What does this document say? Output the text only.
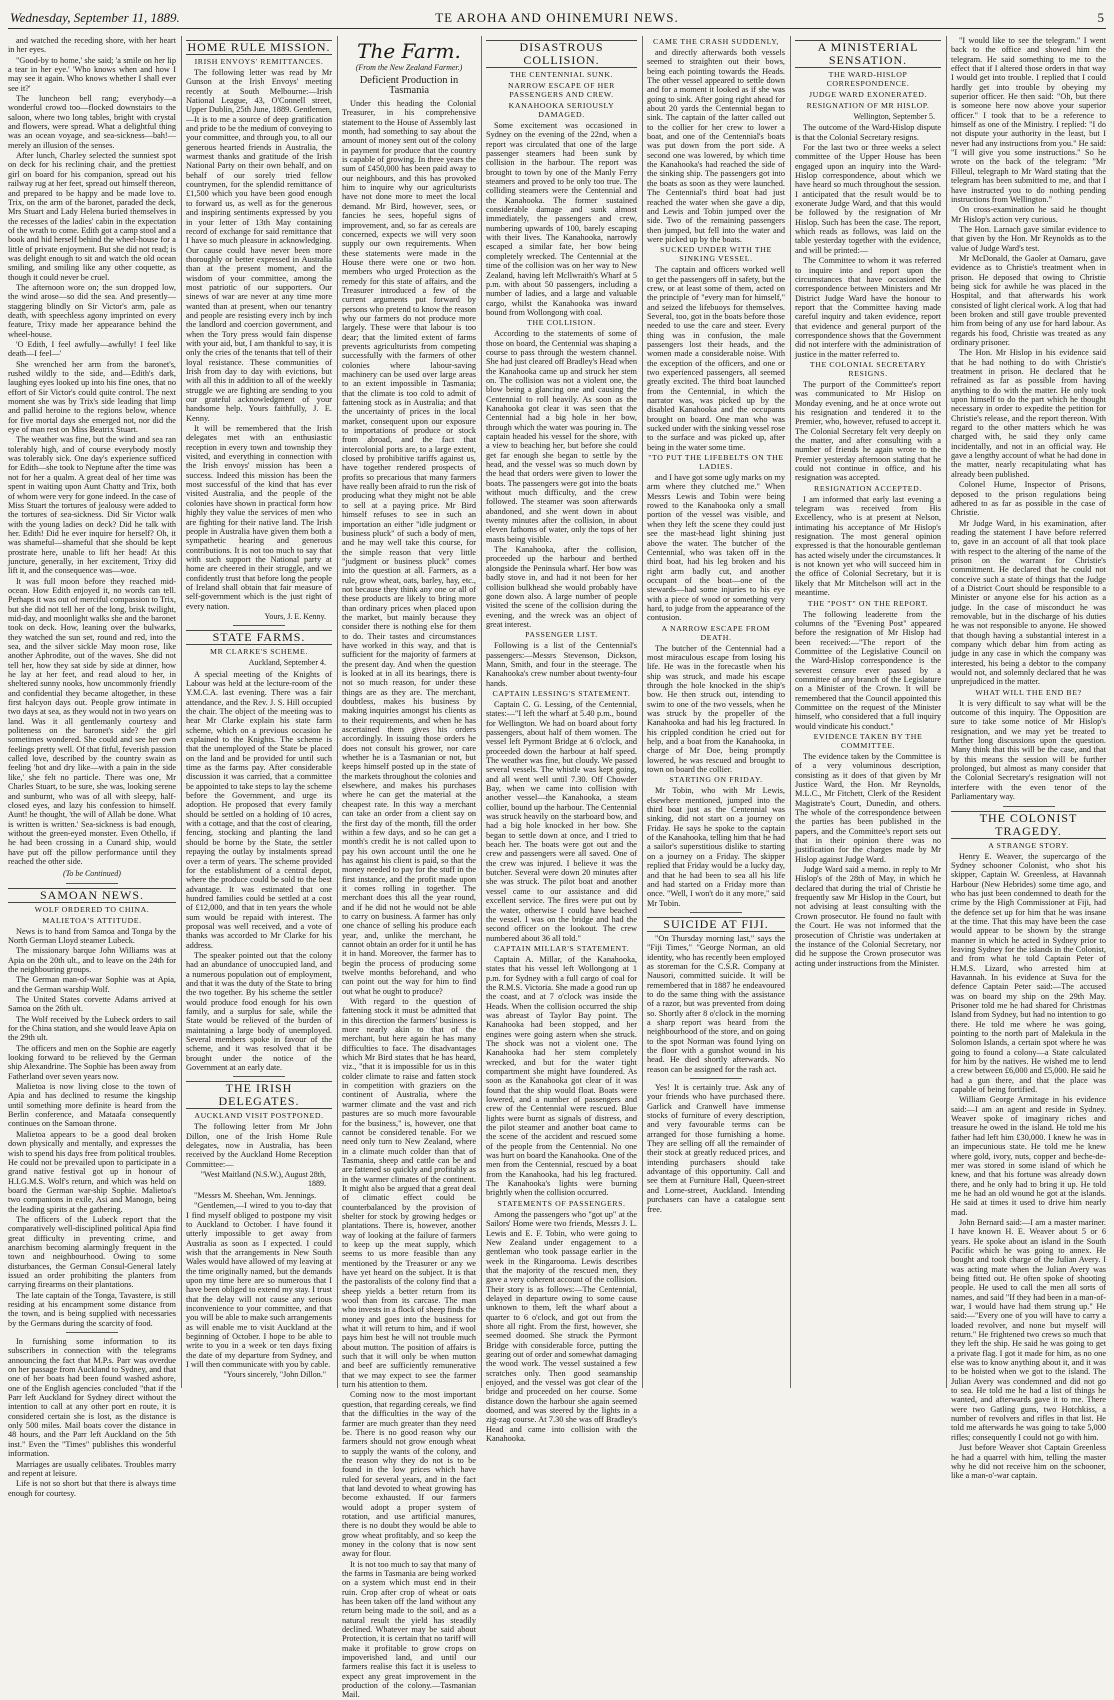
Wednesday, September 11, 1889.	TE AROHA AND OHINEMURI NEWS.	5

and watched the receding shore, with her heart in her eyes.

"Good-by to home,' she said; 'a smile on her lip a tear in her eye.' 'Who knows when and how I may see it again. Who knows whether I shall ever see it?'

The luncheon bell rang; everybody—a wonderful crowd too—flocked downstairs to the saloon, where two long tables, bright with crystal and flowers, were spread. What a delightful thing was an ocean voyage, and sea-sickness—bah!—merely an illusion of the senses.

After lunch, Charley selected the sunniest spot on deck for his reclining chair, and the prettiest girl on board for his companion, spread out his railway rug at her feet, spread out himself thereon, and prepared to be happy and be made love to. Trix, on the arm of the baronet, paraded the deck, Mrs Stuart and Lady Helena buried themselves in the recesses of the ladies' cabin in the expectation of the wrath to come. Edith got a camp stool and a book and hid herself behind the wheel-house for a little of private enjoyment. But she did not read; is was delight enough to sit and watch the old ocean smiling, and smiling like any other coquette, as though it could never be cruel.

The afternoon wore on; the sun dropped low, the wind arose—so did the sea. And presently—staggering blindly on Sir Victor's arm, pale as death, with speechless agony imprinted on every feature, Trixy made her appearance behind the wheel-house.

'O Edith, I feel awfully—awfully! I feel like death—I feel—'

She wrenched her arm from the baronet's, rushed wildly to the side, and—Edith's dark, laughing eyes looked up into his fine ones, that no effort of Sir Victor's could quite control. The next moment she was by Trix's side leading that limp and pallid heroine to the regions below, whence for five mortal days she emerged not, nor did the eye of man rest on Miss Beatrix Stuart.

The weather was fine, but the wind and sea ran tolerably high, and of course everybody mostly was tolerably sick. One day's experience sufficed for Edith—she took to Neptune after the time was not for her a qualm. A great deal of her time was spent in waiting upon Aunt Chatty and Trix, both of whom were very for gone indeed. In the case of Miss Stuart the tortures of jealousy were added to the tortures of sea-sickness. Did Sir Victor walk with the young ladies on deck? Did he talk with her. Edith! Did he ever inquire for herself? Oh, it was shameful—shameful that she should be kept prostrate here, unable to lift her head! At this juncture, generally, in her excitement, Trixy did lift it, and the consequence was—woe.

It was full moon before they reached mid-ocean. How Edith enjoyed it, no words can tell. Perhaps it was out of merciful compassion to Trix, but she did not tell her of the long, brisk twilight, mid-day, and moonlight walks she and the baronet took on deck. How, leaning over the bulwarks, they watched the sun set, round and red, into the sea, and the silver sickle May moon rose, like another Aphrodite, out of the waves. She did not tell her, how they sat side by side at dinner, how he lay at her feet, and read aloud to her, in sheltered sunny nooks, how uncommonly friendly and confidential they became altogether, in these first halcyon days out. People grow intimate in two days at sea, as they would not in two years on land. Was it all gentlemanly courtesy and politeness on the baronet's side? the girl sometimes wondered. She could and see her own feelings pretty well. Of that fitful, feverish passion called love, described by the country swain as feeling 'hot and dry like—with a pain in the side like,' she felt no particle. There was one, Mr Charles Stuart, to be sure, she was, looking serene and sunburnt, who was of all with sleepy, half-closed eyes, and lazy his confession to himself. Aunt! he thought, 'the will of Allah be done. What is written is written.' Sea-sickness is bad enough, without the green-eyed monster. Even Othello, if he had been crossing in a Cunard ship, would have put off the pillow performance until they reached the other side.

(To be Continued)
SAMOAN NEWS.
WOLF ORDERED TO CHINA.
MALIETOA'S ATTITUDE.

News is to hand from Samoa and Tonga by the North German Lloyd steamer Lubeck.

The missionary barque John Williams was at Apia on the 20th ult., and to leave on the 24th for the neighbouring groups.

The German man-of-war Sophie was at Apia, and the German warship Wolf.

The United States corvette Adams arrived at Samoa on the 26th ult.

The Wolf received by the Lubeck orders to sail for the China station, and she would leave Apia on the 29th ult.

The officers and men on the Sophie are eagerly looking forward to be relieved by the German ship Alexandrine. The Sophie has been away from Fatherland over seven years now.

Malietoa is now living close to the town of Apia and has declined to resume the kingship until something more definite is heard from the Berlin conference, and Mataafa consequently continues on the Samoan throne.

Malietoa appears to be a good deal broken down physically and mentally, and expresses the wish to spend his days free from political troubles. He could not be prevailed upon to participate in a grand native festival got up in honour of H.I.G.M.S. Wolf's return, and which was held on board the German war-ship Sophie. Malietoa's two companions in exile, Asi and Manogo, being the leading spirits at the gathering.

The officers of the Lubeck report that the comparatively well-disciplined political Apia find great difficulty in preventing crime, and anarchism becoming alarmingly frequent in the town and neighbourhood. Owing to some disturbances, the German Consul-General lately issued an order prohibiting the planters from carrying firearms on their plantations.

The late captain of the Tonga, Tavastere, is still residing at his encampment some distance from the town, and is being supplied with necessaries by the Germans during the scarcity of food.

In furnishing some information to its subscribers in connection with the telegrams announcing the fact that M.P.s. Parr was overdue on her passage from Auckland to Sydney, and that one of her boats had been found washed ashore, one of the English agencies concluded "that if the Parr left Auckland for Sydney direct without the intention to call at any other port en route, it is considered certain she is lost, as the distance is only 500 miles. Mail boats cover the distance in 48 hours, and the Parr left Auckland on the 5th inst." Even the "Times" publishes this wonderful information.

Marriages are usually celibates. Troubles marry and repent at leisure.

Life is not so short but that there is always time enough for courtesy.

HOME RULE MISSION.
IRISH ENVOYS' REMITTANCES.

The following letter was read by Mr Gunson at the Irish Envoys' meeting recently at South Melbourne:—Irish National League, 43, O'Connell street, Upper Dublin, 25th June, 1889. Gentlemen,—It is to me a source of deep gratification and pride to be the medium of conveying to your committee, and through you, to all our generous hearted friends in Australia, the warmest thanks and gratitude of the Irish National Party on their own behalf, and on behalf of our sorely tried fellow countrymen, for the splendid remittance of £1,500 which you have been good enough to forward us, as well as for the generous and inspiring sentiments expressed by you in your letter of 13th May containing record of exchange for said remittance that I have so much pleasure in acknowledging. Our cause could have never been more thoroughly or better expressed in Australia than at the present moment, and the wisdom of your committee, among the most patriotic of our supporters. Our sinews of war are never at any time more wanted than at present, when our tenantry and people are resisting every inch by inch the landlord and coercion government, and when the Tory press would fain dispense with your aid, but, I am thankful to say, it is only the cries of the tenants that tell of their loyal resistance. These communities of Irish from day to day with evictions, but with all this in addition to all of the weekly struggle we are fighting are sending to you our grateful acknowledgment of your handsome help. Yours faithfully, J. E. Kenny.

It will be remembered that the Irish delegates met with an enthusiastic reception in every town and township they visited, and everything in connection with the Irish envoys' mission has been a success. Indeed this mission has been the most successful of the kind that has ever visited Australia, and the people of the colonies have shown in practical form how highly they value the services of men who are fighting for their native land. The Irish people in Australia have given them both a sympathetic hearing and generous contributions. It is not too much to say that with such support the National party at home are cheered in their struggle, and we confidently trust that before long the people of Ireland shall obtain that fair measure of self-government which is the just right of every nation.

Yours, J. E. Kenny.
STATE FARMS.
MR CLARKE'S SCHEME.
Auckland, September 4.

A special meeting of the Knights of Labour was held at the lecture-room of the Y.M.C.A. last evening. There was a fair attendance, and the Rev. J. S. Hill occupied the chair. The object of the meeting was to hear Mr Clarke explain his state farm scheme, which on a previous occasion he explained to the Knights. The scheme is that the unemployed of the State be placed on the land and be provided for until such time as the farms pay. After considerable discussion it was carried, that a committee be appointed to take steps to lay the scheme before the Government, and urge its adoption. He proposed that every family should be settled on a holding of 10 acres, with a cottage, and that the cost of clearing, fencing, stocking and planting the land should be borne by the State, the settler repaying the outlay by instalments spread over a term of years. The scheme provided for the establishment of a central depot, where the produce could be sold to the best advantage. It was estimated that one hundred families could be settled at a cost of £12,000, and that in ten years the whole sum would be repaid with interest. The proposal was well received, and a vote of thanks was accorded to Mr Clarke for his address.

The speaker pointed out that the colony had an abundance of unoccupied land, and a numerous population out of employment, and that it was the duty of the State to bring the two together. By his scheme the settler would produce food enough for his own family, and a surplus for sale, while the State would be relieved of the burden of maintaining a large body of unemployed. Several members spoke in favour of the scheme, and it was resolved that it be brought under the notice of the Government at an early date.

THE IRISH DELEGATES.
AUCKLAND VISIT POSTPONED.

The following letter from Mr John Dillon, one of the Irish Home Rule delegates, now in Australia, has been received by the Auckland Home Reception Committee:—

"West Maitland (N.S.W.), August 28th, 1889.

"Messrs M. Sheehan, Wm. Jennings.

"Gentlemen,—I wired to you to-day that I find myself obliged to postpone my visit to Auckland to October. I have found it utterly impossible to get away from Australia as soon as I expected. I could wish that the arrangements in New South Wales would have allowed of my leaving at the time originally named, but the demands upon my time here are so numerous that I have been obliged to extend my stay. I trust that the delay will not cause any serious inconvenience to your committee, and that you will be able to make such arrangements as will enable me to visit Auckland at the beginning of October. I hope to be able to write to you in a week or ten days fixing the date of my departure from Sydney, and I will then communicate with you by cable.

"Yours sincerely, "John Dillon."
The Farm.
(From the New Zealand Farmer.)
Deficient Production in Tasmania

Under this heading the Colonial Treasurer, in his comprehensive statement to the House of Assembly last month, had something to say about the amount of money sent out of the colony in payment for produce that the country is capable of growing. In three years the sum of £450,000 has been paid away to our neighbours, and this has provoked him to inquire why our agriculturists have not done more to meet the local demand. Mr Bird, however, sees, or fancies he sees, hopeful signs of improvement, and, so far as cereals are concerned, expects we will very soon supply our own requirements. When these statements were made in the House there were one or two hon. members who urged Protection as the remedy for this state of affairs, and the Treasurer introduced a few of the current arguments put forward by persons who pretend to know the reason why our farmers do not produce more largely. These were that labour is too dear; that the limited extent of farms prevents agriculturists from competing successfully with the farmers of other colonies where labour-saving machinery can be used over large areas to an extent impossible in Tasmania; that the climate is too cold to admit of fattening stock as in Australia; and that the uncertainty of prices in the local market, consequent upon our exposure to importations of produce or stock from abroad, and the fact that intercolonial ports are, to a large extent, closed by prohibitive tariffs against us, have together rendered prospects of profits so precarious that many farmers have really been afraid to run the risk of producing what they might not be able to sell at a paying price. Mr Bird himself refuses to see in such an importation an either "idle judgment or business pluck" of such a body of men, and he may well take this course, for the simple reason that very little "judgment or business pluck" comes into the question at all. Farmers, as a rule, grow wheat, oats, barley, hay, etc., not because they think any one or all of these products are likely to bring more than ordinary prices when placed upon the market, but mainly because they consider there is nothing else for them to do. Their tastes and circumstances have worked in this way, and that is sufficient for the majority of farmers at the present day. And when the question is looked at in all its bearings, there is not so much reason, for under these things are as they are. The merchant, doubtless, makes his business by making inquiries amongst his clients as to their requirements, and when he has ascertained them gives his orders accordingly. In issuing those orders he does not consult his grower, nor care whether he is a Tasmanian or not, but keeps himself posted up in the state of the markets throughout the colonies and elsewhere, and makes his purchases where he can get the material at the cheapest rate. In this way a merchant can take an order from a client say on the first day of the month, fill the order within a few days, and so he can get a month's credit he is not called upon to pay his own account until the one he has against his client is paid, so that the money needed to pay for the stuff in the first instance, and the profit made upon it comes rolling in together. The merchant does this all the year round, and if he did not he would not be able to carry on business. A farmer has only one chance of selling his produce each year, and, unlike the merchant, he cannot obtain an order for it until he has it in hand. Moreover, the farmer has to begin the process of producing some twelve months beforehand, and who can point out the way for him to find out what he ought to produce?

With regard to the question of fattening stock it must be admitted that in this direction the farmers' business is more nearly akin to that of the merchant, but here again he has many difficulties to face. The disadvantages which Mr Bird states that he has heard, viz., "that it is impossible for us in this colder climate to raise and fatten stock in competition with graziers on the continent of Australia, where the warmer climate and the vast and rich pastures are so much more favourable for the business," is, however, one that cannot be considered tenable. For we need only turn to New Zealand, where in a climate much colder than that of Tasmania, sheep and cattle can be and are fattened so quickly and profitably as in the warmer climates of the continent. It might also be argued that a great deal of climatic effect could be counterbalanced by the provision of shelter for stock by growing hedges or plantations. There is, however, another way of looking at the failure of farmers to keep up the meat supply, which seems to us more feasible than any mentioned by the Treasurer or any we have yet heard on the subject. It is that the pastoralists of the colony find that a sheep yields a better return from its wool than from its carcase. The man who invests in a flock of sheep finds the money and goes into the business for what it will return to him, and if wool pays him best he will not trouble much about mutton. The position of affairs is such that it will only be when mutton and beef are sufficiently remunerative that we may expect to see the farmer turn his attention to them.

Coming now to the most important question, that regarding cereals, we find that the difficulties in the way of the farmer are much greater than they need be. There is no good reason why our farmers should not grow enough wheat to supply the wants of the colony, and the reason why they do not is to be found in the low prices which have ruled for several years, and in the fact that land devoted to wheat growing has become exhausted. If our farmers would adopt a proper system of rotation, and use artificial manures, there is no doubt they would be able to grow wheat profitably, and so keep the money in the colony that is now sent away for flour.

It is not too much to say that many of the farms in Tasmania are being worked on a system which must end in their ruin. Crop after crop of wheat or oats has been taken off the land without any return being made to the soil, and as a natural result the yield has steadily declined. Whatever may be said about Protection, it is certain that no tariff will make it profitable to grow crops on impoverished land, and until our farmers realise this fact it is useless to expect any great improvement in the production of the colony.—Tasmanian Mail.

DISASTROUS COLLISION.
THE CENTENNIAL SUNK.
NARROW ESCAPE OF HER PASSENGERS AND CREW.
KANAHOOKA SERIOUSLY DAMAGED.

Some excitement was occasioned in Sydney on the evening of the 22nd, when a report was circulated that one of the large passenger steamers had been sunk by collision in the harbour. The report was brought to town by one of the Manly Ferry steamers and proved to be only too true. The colliding steamers were the Centennial and the Kanahooka. The former sustained considerable damage and sunk almost immediately, the passengers and crew, numbering upwards of 100, barely escaping with their lives. The Kanahooka, narrowly escaped a similar fate, her bow being completely wrecked. The Centennial at the time of the collision was on her way to New Zealand, having left Mcllwraith's Wharf at 5 p.m. with about 50 passengers, including a number of ladies, and a large and valuable cargo, whilst the Kanahooka was inward bound from Wollongong with coal.

THE COLLISION.

According to the statements of some of those on board, the Centennial was shaping a course to pass through the western channel. She had just cleared off Bradley's Head when the Kanahooka came up and struck her stem on. The collision was not a violent one, the blow being a glancing one and causing the Centennial to roll heavily. As soon as the Kanahooka got clear it was seen that the Centennial had a big hole in her bow, through which the water was pouring in. The captain headed his vessel for the shore, with a view to beaching her, but before she could get far enough she began to settle by the head, and the vessel was so much down by the head that orders were given to lower the boats. The passengers were got into the boats without much difficulty, and the crew followed. The steamer was soon afterwards abandoned, and she went down in about twenty minutes after the collision, in about eleven fathoms of water, only the tops of her masts being visible.

The Kanahooka, after the collision, proceeded up the harbour and berthed alongside the Peninsula wharf. Her bow was badly stove in, and had it not been for her collision bulkhead she would probably have gone down also. A large number of people visited the scene of the collision during the evening, and the wreck was an object of great interest.

PASSENGER LIST.

Following is a list of the Centennial's passengers:—Messrs Stevenson, Dickson, Mann, Smith, and four in the steerage. The Kanahooka's crew number about twenty-four hands.

CAPTAIN LESSING'S STATEMENT.

Captain C. G. Lessing, of the Centennial, states:—"I left the wharf at 5.40 p.m., bound for Wellington. We had on board about forty passengers, about half of them women. The vessel left Pyrmont Bridge at 6 o'clock, and proceeded down the harbour at half speed. The weather was fine, but cloudy. We passed several vessels. The whistle was kept going, and all went well until 7.30. Off Chowder Bay, when we came into collision with another vessel—the Kanahooka, a steam collier, bound up the harbour. The Centennial was struck heavily on the starboard bow, and had a big hole knocked in her bow. She began to settle down at once, and I tried to beach her. The boats were got out and the crew and passengers were all saved. One of the crew was injured. I believe it was the butcher. Several were down 20 minutes after she was struck. The pilot boat and another vessel came to our assistance and did excellent service. The fires were put out by the water, otherwise I could have beached the vessel. I was on the bridge and had the second officer on the lookout. The crew numbered about 36 all told."

CAPTAIN MILLAR'S STATEMENT.

Captain A. Millar, of the Kanahooka, states that his vessel left Wollongong at 1 p.m. for Sydney with a full cargo of coal for the R.M.S. Victoria. She made a good run up the coast, and at 7 o'clock was inside the Heads. When the collision occurred the ship was abreast of Taylor Bay point. The Kanahooka had been stopped, and her engines were going astern when she struck. The shock was not a violent one. The Kanahooka had her stem completely wrecked, and but for the water tight compartment she might have foundered. As soon as the Kanahooka got clear of it was found that the ship would float. Boats were lowered, and a number of passengers and crew of the Centennial were rescued. Blue lights were burnt as signals of distress, and the pilot steamer and another boat came to the scene of the accident and rescued some of the people from the Centennial. No one was hurt on board the Kanahooka. One of the men from the Centennial, rescued by a boat from the Kanahooka, had his leg fractured. The Kanahooka's lights were burning brightly when the collision occurred.

STATEMENTS OF PASSENGERS.

Among the passengers who "got up" at the Sailors' Home were two friends, Messrs J. L. Lewis and E. F. Tobin, who were going to New Zealand under engagement to a gentleman who took passage earlier in the week in the Ringarooma. Lewis describes that the majority of the rescued men, they gave a very coherent account of the collision. Their story is as follows:—The Centennial, delayed in departure owing to some cause unknown to them, left the wharf about a quarter to 6 o'clock, and got out from the shore all right. From the first, however, she seemed doomed. She struck the Pyrmont Bridge with considerable force, putting the gearing out of order and somewhat damaging the wood work. The vessel sustained a few scratches only. Then good seamanship enjoyed, and the vessel was got clear of the bridge and proceeded on her course. Some distance down the harbour she again seemed doomed, and was steered by the lights in a zig-zag course. At 7.30 she was off Bradley's Head and came into collision with the Kanahooka.

CAME THE CRASH SUDDENLY,

and directly afterwards both vessels seemed to straighten out their bows, being each pointing towards the Heads. The other vessel appeared to settle down and for a moment it looked as if she was going to sink. After going right ahead for about 20 yards the Centennial began to sink. The captain of the latter called out to the collier for her crew to lower a boat, and one of the Centennial's boats was put down from the port side. A second one was lowered, by which time the Kanahooka's had reached the side of the sinking ship. The passengers got into the boats as soon as they were launched. The Centennial's third boat had just reached the water when she gave a dip, and Lewis and Tobin jumped over the side. Two of the remaining passengers then jumped, but fell into the water and were picked up by the boats.

SUCKED UNDER WITH THE SINKING VESSEL.

The captain and officers worked well to get the passengers off in safety, but the crew, or at least some of them, acted on the principle of "every man for himself," and seized the lifebuoys for themselves. Several, too, got in the boats before those needed to use the care and steer. Every thing was in confusion, the male passengers lost their heads, and the women made a considerable noise. With the exception of the officers, and one or two experienced passengers, all seemed greatly excited. The third boat launched from the Centennial, in which the narrator was, was picked up by the disabled Kanahooka and the occupants brought on board. One man who was sucked under with the sinking vessel rose to the surface and was picked up, after being in the water some time.

"TO PUT THE LIFEBELTS ON THE LADIES.

and I have got some ugly marks on my arm where they clutched me." When Messrs Lewis and Tobin were being rowed to the Kanahooka only a small portion of the vessel was visible, and when they left the scene they could just see the mast-head light shining just above the water. The butcher of the Centennial, who was taken off in the third boat, had his leg broken and his right arm badly cut, and another occupant of the boat—one of the stewards—had some injuries to his eye with a piece of wood or something very hard, to judge from the appearance of the contusion.

A NARROW ESCAPE FROM DEATH.

The butcher of the Centennial had a most miraculous escape from losing his life. He was in the forecastle when his ship was struck, and made his escape through the hole knocked in the ship's bow. He then struck out, intending to swim to one of the two vessels, when he was struck by the propeller of the Kanahooka and had his leg fractured. In his crippled condition he cried out for help, and a boat from the Kanahooka, in charge of Mr Doe, being promptly lowered, he was rescued and brought to town on board the collier.

STARTING ON FRIDAY.

Mr Tobin, who with Mr Lewis, elsewhere mentioned, jumped into the third boat just as the Centennial was sinking, did not start on a journey on Friday. He says he spoke to the captain of the Kanahooka, telling him that he had a sailor's superstitious dislike to starting on a journey on a Friday. The skipper replied that Friday would be a lucky day, and that he had been to sea all his life and had started on a Friday more than once. "Well, I won't do it any more," said Mr Tobin.

SUICIDE AT FIJI.

"On Thursday morning last," says the "Fiji Times," "George Norman, an old identity, who has recently been employed as storeman for the C.S.R. Company at Nausori, committed suicide. It will be remembered that in 1887 he endeavoured to do the same thing with the assistance of a razor, but was prevented from doing so. Shortly after 8 o'clock in the morning a sharp report was heard from the neighbourhood of the store, and on going to the spot Norman was found lying on the floor with a gunshot wound in his head. He died shortly afterwards. No reason can be assigned for the rash act.

Yes! It is certainly true. Ask any of your friends who have purchased there. Garlick and Cranwell have immense stocks of furniture of every description, and very favourable terms can be arranged for those furnishing a home. They are selling off all the remainder of their stock at greatly reduced prices, and intending purchasers should take advantage of this opportunity. Call and see them at Furniture Hall, Queen-street and Lorne-street, Auckland. Intending purchasers can have a catalogue sent free.

A MINISTERIAL SENSATION.
THE WARD-HISLOP CORRESPONDENCE.
JUDGE WARD EXONERATED.
RESIGNATION OF MR HISLOP.
Wellington, September 5.

The outcome of the Ward-Hislop dispute is that the Colonial Secretary resigns.

For the last two or three weeks a select committee of the Upper House has been engaged upon an inquiry into the Ward-Hislop correspondence, about which we have heard so much throughout the session. I anticipated that the result would be to exonerate Judge Ward, and that this would be followed by the resignation of Mr Hislop. Such has been the case. The report, which reads as follows, was laid on the table yesterday together with the evidence, and will be printed:—

The Committee to whom it was referred to inquire into and report upon the circumstances that have occasioned the correspondence between Ministers and Mr District Judge Ward have the honour to report that the Committee having made careful inquiry and taken evidence, report that evidence and general purport of the correspondence shows that the Government did not interfere with the administration of justice in the matter referred to.

THE COLONIAL SECRETARY RESIGNS.

The purport of the Committee's report was communicated to Mr Hislop on Monday evening, and he at once wrote out his resignation and tendered it to the Premier, who, however, refused to accept it. The Colonial Secretary felt very deeply on the matter, and after consulting with a number of friends he again wrote to the Premier yesterday afternoon stating that he could not continue in office, and his resignation was accepted.

RESIGNATION ACCEPTED.

I am informed that early last evening a telegram was received from His Excellency, who is at present at Nelson, intimating his acceptance of Mr Hislop's resignation. The most general opinion expressed is that the honourable gentleman has acted wisely under the circumstances. It is not known yet who will succeed him in the office of Colonial Secretary, but it is likely that Mr Mitchelson will act in the meantime.

THE "POST" ON THE REPORT.

The following leaderette from the columns of the "Evening Post" appeared before the resignation of Mr Hislop had been received:—"The report of the Committee of the Legislative Council on the Ward-Hislop correspondence is the severest censure ever passed by a committee of any branch of the Legislature on a Minister of the Crown. It will be remembered that the Council appointed this Committee on the request of the Minister himself, who considered that a full inquiry would vindicate his conduct."

EVIDENCE TAKEN BY THE COMMITTEE.

The evidence taken by the Committee is of a very voluminous description, consisting as it does of that given by Mr Justice Ward, the Hon. Mr Reynolds, M.L.C., Mr Fitchett, Clerk of the Resident Magistrate's Court, Dunedin, and others. The whole of the correspondence between the parties has been published in the papers, and the Committee's report sets out that in their opinion there was no justification for the charges made by Mr Hislop against Judge Ward.

Judge Ward said a memo. in reply to Mr Hislop's of the 28th of May, in which he declared that during the trial of Christie he frequently saw Mr Hislop in the Court, but not advising at least consulting with the Crown prosecutor. He found no fault with the Court. He was not informed that the prosecution of Christie was undertaken at the instance of the Colonial Secretary, nor did he suppose the Crown prosecutor was acting under instructions from the Minister.

"I would like to see the telegram." I went back to the office and showed him the telegram. He said something to me to the effect that if I altered those orders in that way I would get into trouble. I replied that I could hardly get into trouble by obeying my superior officer. He then said: "Oh, but there is someone here now above your superior officer." I took that to be a reference to himself as one of the Ministry. I replied: "I do not dispute your authority in the least, but I never had any instructions from you." He said: "I will give you some instructions." So he wrote on the back of the telegram: "Mr Filleul, telegraph to Mr Ward stating that the telegram has been submitted to me, and that I have instructed you to do nothing pending instructions from Wellington."

On cross-examination he said he thought Mr Hislop's action very curious.

The Hon. Larnach gave similar evidence to that given by the Hon. Mr Reynolds as to the value of Judge Ward's test.

Mr McDonald, the Gaoler at Oamaru, gave evidence as to Christie's treatment when in prison. He deposed that owing to Christie being sick for awhile he was placed in the Hospital, and that afterwards his work consisted of light clerical work. A log that had been broken and still gave trouble prevented him from being of any use for hard labour. As regards his food, Christie was treated as any ordinary prisoner.

The Hon. Mr Hislop in his evidence said that he had nothing to do with Christie's treatment in prison. He declared that he refrained as far as possible from having anything to do with the matter. He only took upon himself to do the part which he thought necessary in order to expedite the petition for Christie's release, and the report thereon. With regard to the other matters which he was charged with, he said they only came incidentally, and not in an official way. He gave a lengthy account of what he had done in the matter, nearly recapitulating what has already been published.

Colonel Hume, Inspector of Prisons, deposed to the prison regulations being adhered to as far as possible in the case of Christie.

Mr Judge Ward, in his examination, after reading the statement I have before referred to, gave in an account of all that took place with respect to the altering of the name of the prison on the warrant for Christie's commitment. He declared that he could not conceive such a state of things that the Judge of a District Court should be responsible to a Minister or anyone else for his action as a judge. In the case of misconduct he was removable, but in the discharge of his duties he was not responsible to anyone. He showed that though having a substantial interest in a company which debar him from acting as judge in any case in which the company was interested, his being a debtor to the company would not, and solemnly declared that he was unprejudiced in the matter.

WHAT WILL THE END BE?

It is very difficult to say what will be the outcome of this inquiry. The Opposition are sure to take some notice of Mr Hislop's resignation, and we may yet be treated to further long discussions upon the question. Many think that this will be the case, and that by this means the session will be further prolonged, but almost as many consider that the Colonial Secretary's resignation will not interfere with the even tenor of the Parliamentary way.

THE COLONIST TRAGEDY.
A STRANGE STORY.

Henry E. Weaver, the supercargo of the Sydney schooner Colonist, who shot his skipper, Captain W. Greenless, at Havannah Harbour (New Hebrides) some time ago, and who has just been condemned to death for the crime by the High Commissioner at Fiji, had the defence set up for him that he was insane at the time. That this may have been the case would appear to be shown by the strange manner in which he acted in Sydney prior to leaving Sydney for the islands in the Colonist, and from what he told Captain Peter of H.M.S. Lizard, who arrested him at Havannah. In his evidence at Suva for the defence Captain Peter said:—The accused was on board my ship on the 29th May. Prisoner told me he had shared for Christmas Island from Sydney, but had no intention to go there. He told me where he was going, pointing to the north part of Malekula in the Solomon Islands, a certain spot where he was going to found a colony—a State calculated for him by the natives. He wished me to lend a crew between £6,000 and £5,000. He said he had a gun there, and that the place was capable of being fortified.

William George Armitage in his evidence said:—I am an agent and reside in Sydney. Weaver spoke of imaginary riches and treasure he owed in the island. He told me his father had left him £30,000. I knew he was in an impecunious state. He told me he knew where gold, ivory, nuts, copper and beche-de-mer was stored in some island of which he knew, and that his fortune was already down there, and he only had to bring it up. He told me he had an old wound he got at the islands. He said at times it used to drive him nearly mad.

John Bernard said:—I am a master mariner. I have known H. E. Weaver about 5 or 6 years. He spoke about an island in the South Pacific which he was going to annex. He bought and took charge of the Julian Avery. I was acting mate when the Julian Avery was being fitted out. He often spoke of shooting people. He used to call the men all sorts of names, and said "If they had been in a man-of-war, I would have had them strung up." He said:—"Every one of you will have to carry a loaded revolver, and none but myself will return." He frightened two crews so much that they left the ship. He said he was going to get a private flag. I got it made for him, as no one else was to know anything about it, and it was to be hoisted when we got to the island. The Julian Avery was condemned and did not go to sea. He told me he had a list of things he wanted, and afterwards gave it to me. There were two Gatling guns, two Hotchkiss, a number of revolvers and rifles in that list. He told me afterwards he was going to take 5,000 rifles; consequently I could not go with him.

Just before Weaver shot Captain Greenless he had a quarrel with him, telling the master why he did not receive him on the schooner, like a man-o'-war captain.
